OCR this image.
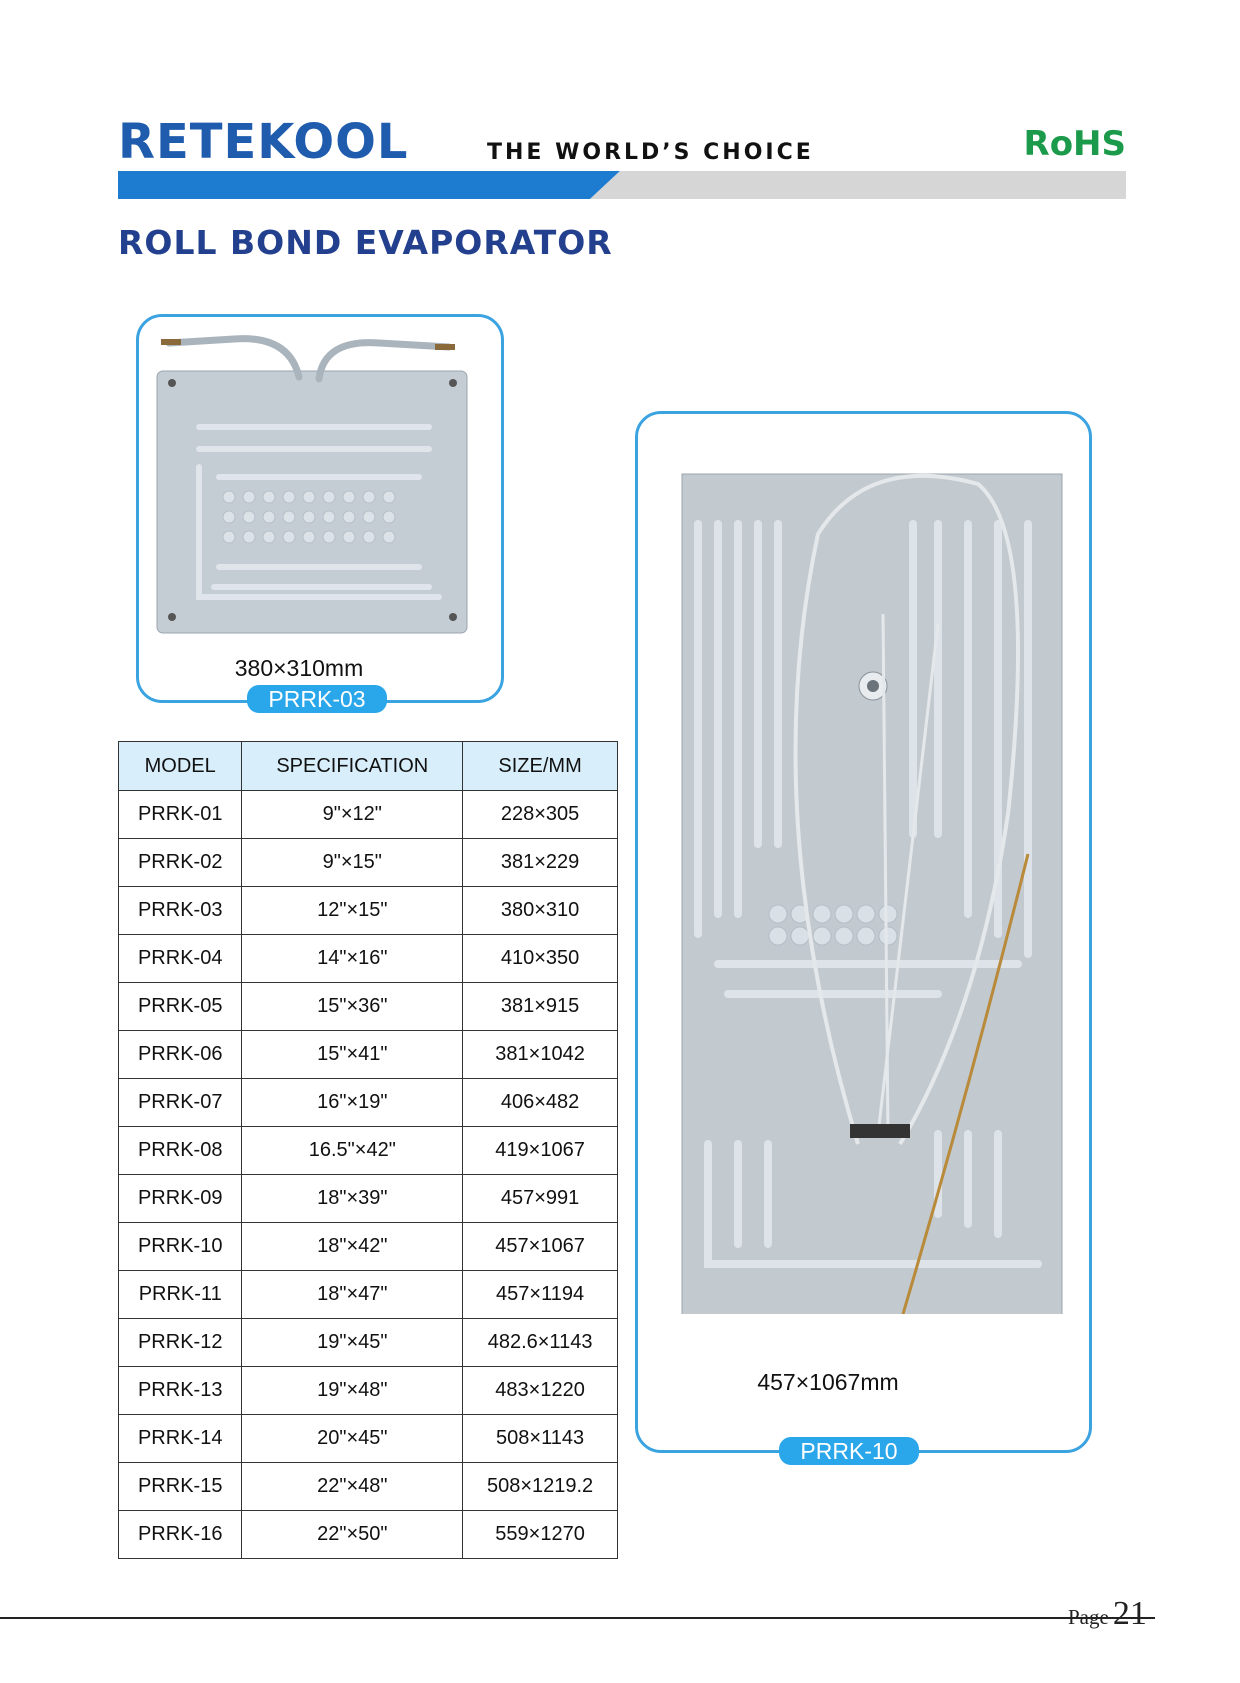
RETEKOOL	THE WORLD’S CHOICE	RoHS
ROLL BOND EVAPORATOR
380×310mm
PRRK-03
457×1067mm
PRRK-10
MODEL	SPECIFICATION	SIZE/MM
PRRK-01	9"×12"	228×305
PRRK-02	9"×15"	381×229
PRRK-03	12"×15"	380×310
PRRK-04	14"×16"	410×350
PRRK-05	15"×36"	381×915
PRRK-06	15"×41"	381×1042
PRRK-07	16"×19"	406×482
PRRK-08	16.5"×42"	419×1067
PRRK-09	18"×39"	457×991
PRRK-10	18"×42"	457×1067
PRRK-11	18"×47"	457×1194
PRRK-12	19"×45"	482.6×1143
PRRK-13	19"×48"	483×1220
PRRK-14	20"×45"	508×1143
PRRK-15	22"×48"	508×1219.2
PRRK-16	22"×50"	559×1270
Page 21
